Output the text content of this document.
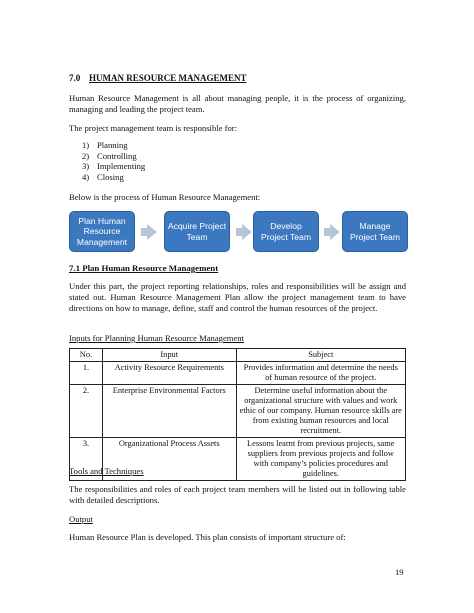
7.0 HUMAN RESOURCE MANAGEMENT
Human Resource Management is all about managing people, it is the process of organizing, managing and leading the project team.
The project management team is responsible for:
1) Planning
2) Controlling
3) Implementing
4) Closing
Below is the process of Human Resource Management:
Plan Human Resource Management
Acquire Project Team
Develop Project Team
Manage Project Team
7.1 Plan Human Resource Management
Under this part, the project reporting relationships, roles and responsibilities will be assign and stated out. Human Resource Management Plan allow the project management team to have directions on how to manage, define, staff and control the human resources of the project.
Inputs for Planning Human Resource Management
No.	Input	Subject
1.	Activity Resource Requirements	Provides information and determine the needs of human resource of the project.
2.	Enterprise Environmental Factors	Determine useful information about the organizational structure with values and work ethic of our company. Human resource skills are from existing human resources and local recruitment.
3.	Organizational Process Assets	Lessons learnt from previous projects, same suppliers from previous projects and follow with company’s policies procedures and guidelines.
Tools and Techniques
The responsibilities and roles of each project team members will be listed out in following table with detailed descriptions.
Output
Human Resource Plan is developed. This plan consists of important structure of:
19
